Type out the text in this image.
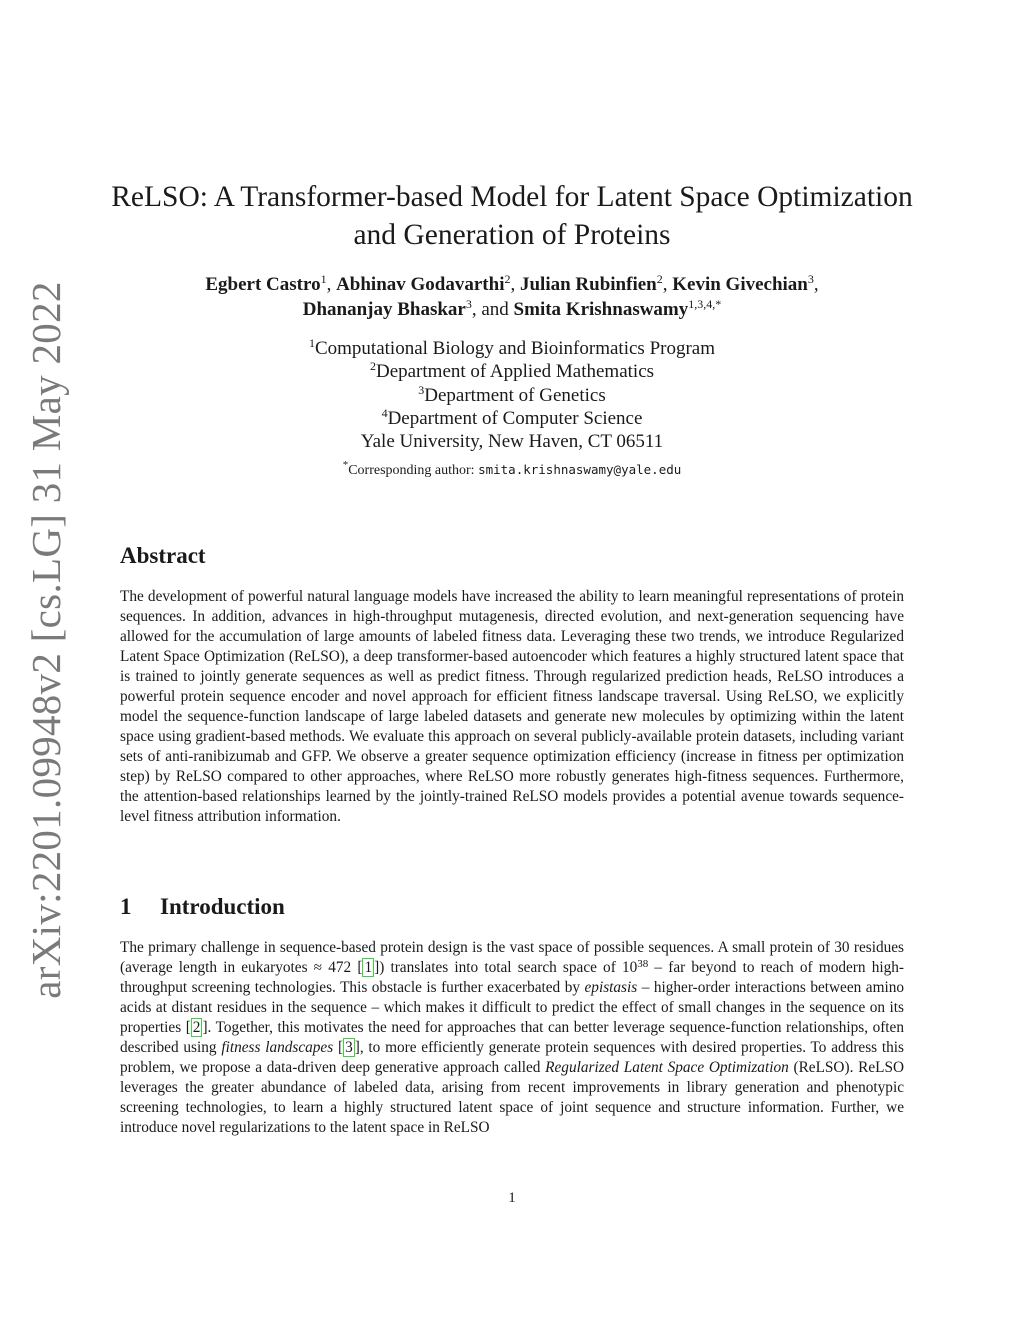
arXiv:2201.09948v2 [cs.LG] 31 May 2022
ReLSO: A Transformer-based Model for Latent Space Optimization
and Generation of Proteins
Egbert Castro$^1$, Abhinav Godavarthi$^2$, Julian Rubinfien$^2$, Kevin Givechian$^3$,
Dhananjay Bhaskar$^3$, and Smita Krishnaswamy$^{1,3,4,*}$
$^1$Computational Biology and Bioinformatics Program
$^2$Department of Applied Mathematics
$^3$Department of Genetics
$^4$Department of Computer Science
Yale University, New Haven, CT 06511
*Corresponding author: smita.krishnaswamy@yale.edu
Abstract
The development of powerful natural language models have increased the ability to learn meaningful representations of protein sequences. In addition, advances in high-throughput mutagenesis, directed evolution, and next-generation sequencing have allowed for the accumulation of large amounts of labeled fitness data. Leveraging these two trends, we introduce Regularized Latent Space Optimization (ReLSO), a deep transformer-based autoencoder which features a highly structured latent space that is trained to jointly generate sequences as well as predict fitness. Through regularized prediction heads, ReLSO introduces a powerful protein sequence encoder and novel approach for efficient fitness landscape traversal. Using ReLSO, we explicitly model the sequence-function landscape of large labeled datasets and generate new molecules by optimizing within the latent space using gradient-based methods. We evaluate this approach on several publicly-available protein datasets, including variant sets of anti-ranibizumab and GFP. We observe a greater sequence optimization efficiency (increase in fitness per optimization step) by ReLSO compared to other approaches, where ReLSO more robustly generates high-fitness sequences. Furthermore, the attention-based relationships learned by the jointly-trained ReLSO models provides a potential avenue towards sequence-level fitness attribution information.
1 Introduction
The primary challenge in sequence-based protein design is the vast space of possible sequences. A small protein of 30 residues (average length in eukaryotes ≈ 472 [ 1 ]) translates into total search space of $10^{38}$ – far beyond to reach of modern high-throughput screening technologies. This obstacle is further exacerbated by epistasis – higher-order interactions between amino acids at distant residues in the sequence – which makes it difficult to predict the effect of small changes in the sequence on its properties [ 2 ]. Together, this motivates the need for approaches that can better leverage sequence-function relationships, often described using fitness landscapes [ 3 ], to more efficiently generate protein sequences with desired properties. To address this problem, we propose a data-driven deep generative approach called Regularized Latent Space Optimization (ReLSO). ReLSO leverages the greater abundance of labeled data, arising from recent improvements in library generation and phenotypic screening technologies, to learn a highly structured latent space of joint sequence and structure information. Further, we introduce novel regularizations to the latent space in ReLSO
1
